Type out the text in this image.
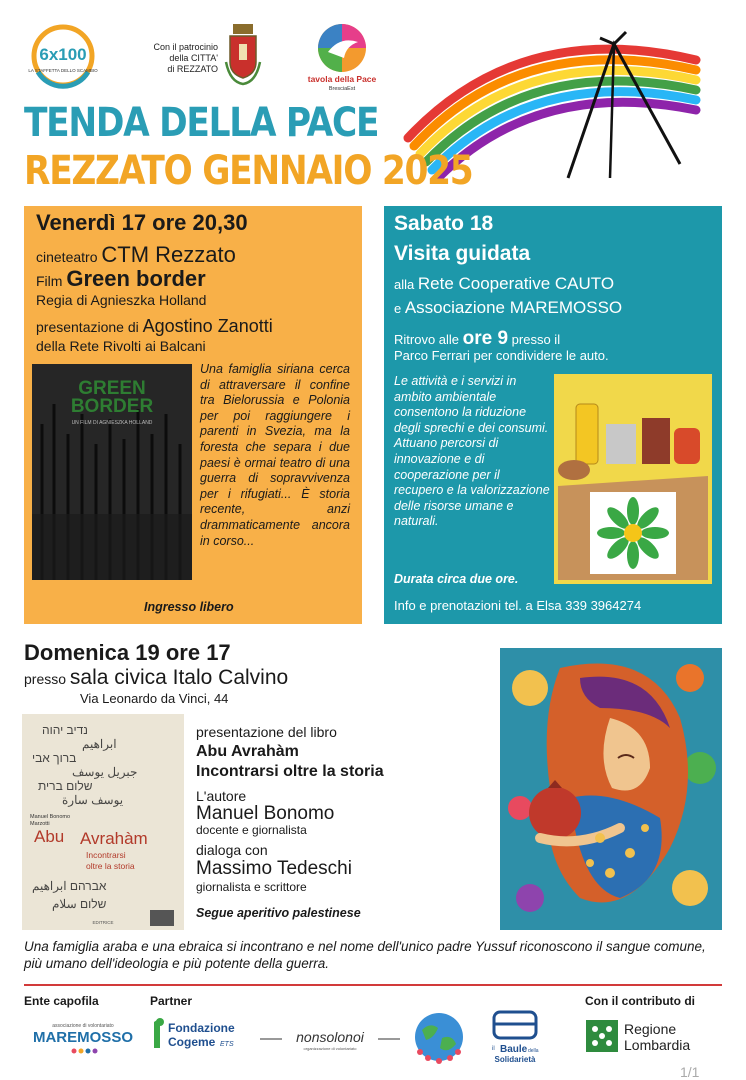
6x100
LA STAFFETTA DELLO SCAMBIO
Con il patrocinio
della CITTA'
di REZZATO
tavola della Pace
BresciaEst
TENDA DELLA PACE
REZZATO GENNAIO 2025
Venerdì 17 ore 20,30
cineteatro CTM Rezzato
Film Green border
Regia di Agnieszka Holland
presentazione di Agostino Zanotti
della Rete Rivolti ai Balcani
GREEN
BORDER
UN FILM DI AGNIESZKA HOLLAND
Una famiglia siriana cerca di attraversare il confine tra Bielorussia e Polonia per poi raggiungere i parenti in Svezia, ma la foresta che separa i due paesi è ormai teatro di una guerra di sopravvivenza per i rifugiati... È storia recente, anzi drammaticamente ancora in corso...
Ingresso libero
Sabato 18
Visita guidata
alla Rete Cooperative CAUTO
e Associazione MAREMOSSO
Ritrovo alle ore 9 presso il
Parco Ferrari per condividere le auto.
Le attività e i servizi in ambito ambientale consentono la riduzione degli sprechi e dei consumi. Attuano percorsi di innovazione e di cooperazione per il recupero e la valorizzazione delle risorse umane e naturali.
Durata circa due ore.
Info e prenotazioni tel. a Elsa 339 3964274
Domenica 19 ore 17
presso sala civica Italo Calvino
Via Leonardo da Vinci, 44
נדיב יהוה
ابراهيم
ברוך אבי
جبريل يوسف
שלום ברית
يوسف سارة
Manuel Bonomo
Marzotti
Abu Avrahàm
Incontrarsi
oltre la storia
אברהם ابراهيم
שלום سلام
EDITRICE
presentazione del libro
Abu Avrahàm
Incontrarsi oltre la storia
L'autore
Manuel Bonomo
docente e giornalista
dialoga con
Massimo Tedeschi
giornalista e scrittore
Segue aperitivo palestinese
Una famiglia araba e una ebraica si incontrano e nel nome dell'unico padre Yussuf riconoscono il sangue comune, più umano dell'ideologia e più potente della guerra.
Ente capofila	Partner	Con il contributo di
associazione di volontariato
MAREMOSSO
Fondazione
Cogeme ETS	nonsolonoi
organizzazione di volontariato	il Baule della
Solidarietà
Regione
Lombardia
1/1
